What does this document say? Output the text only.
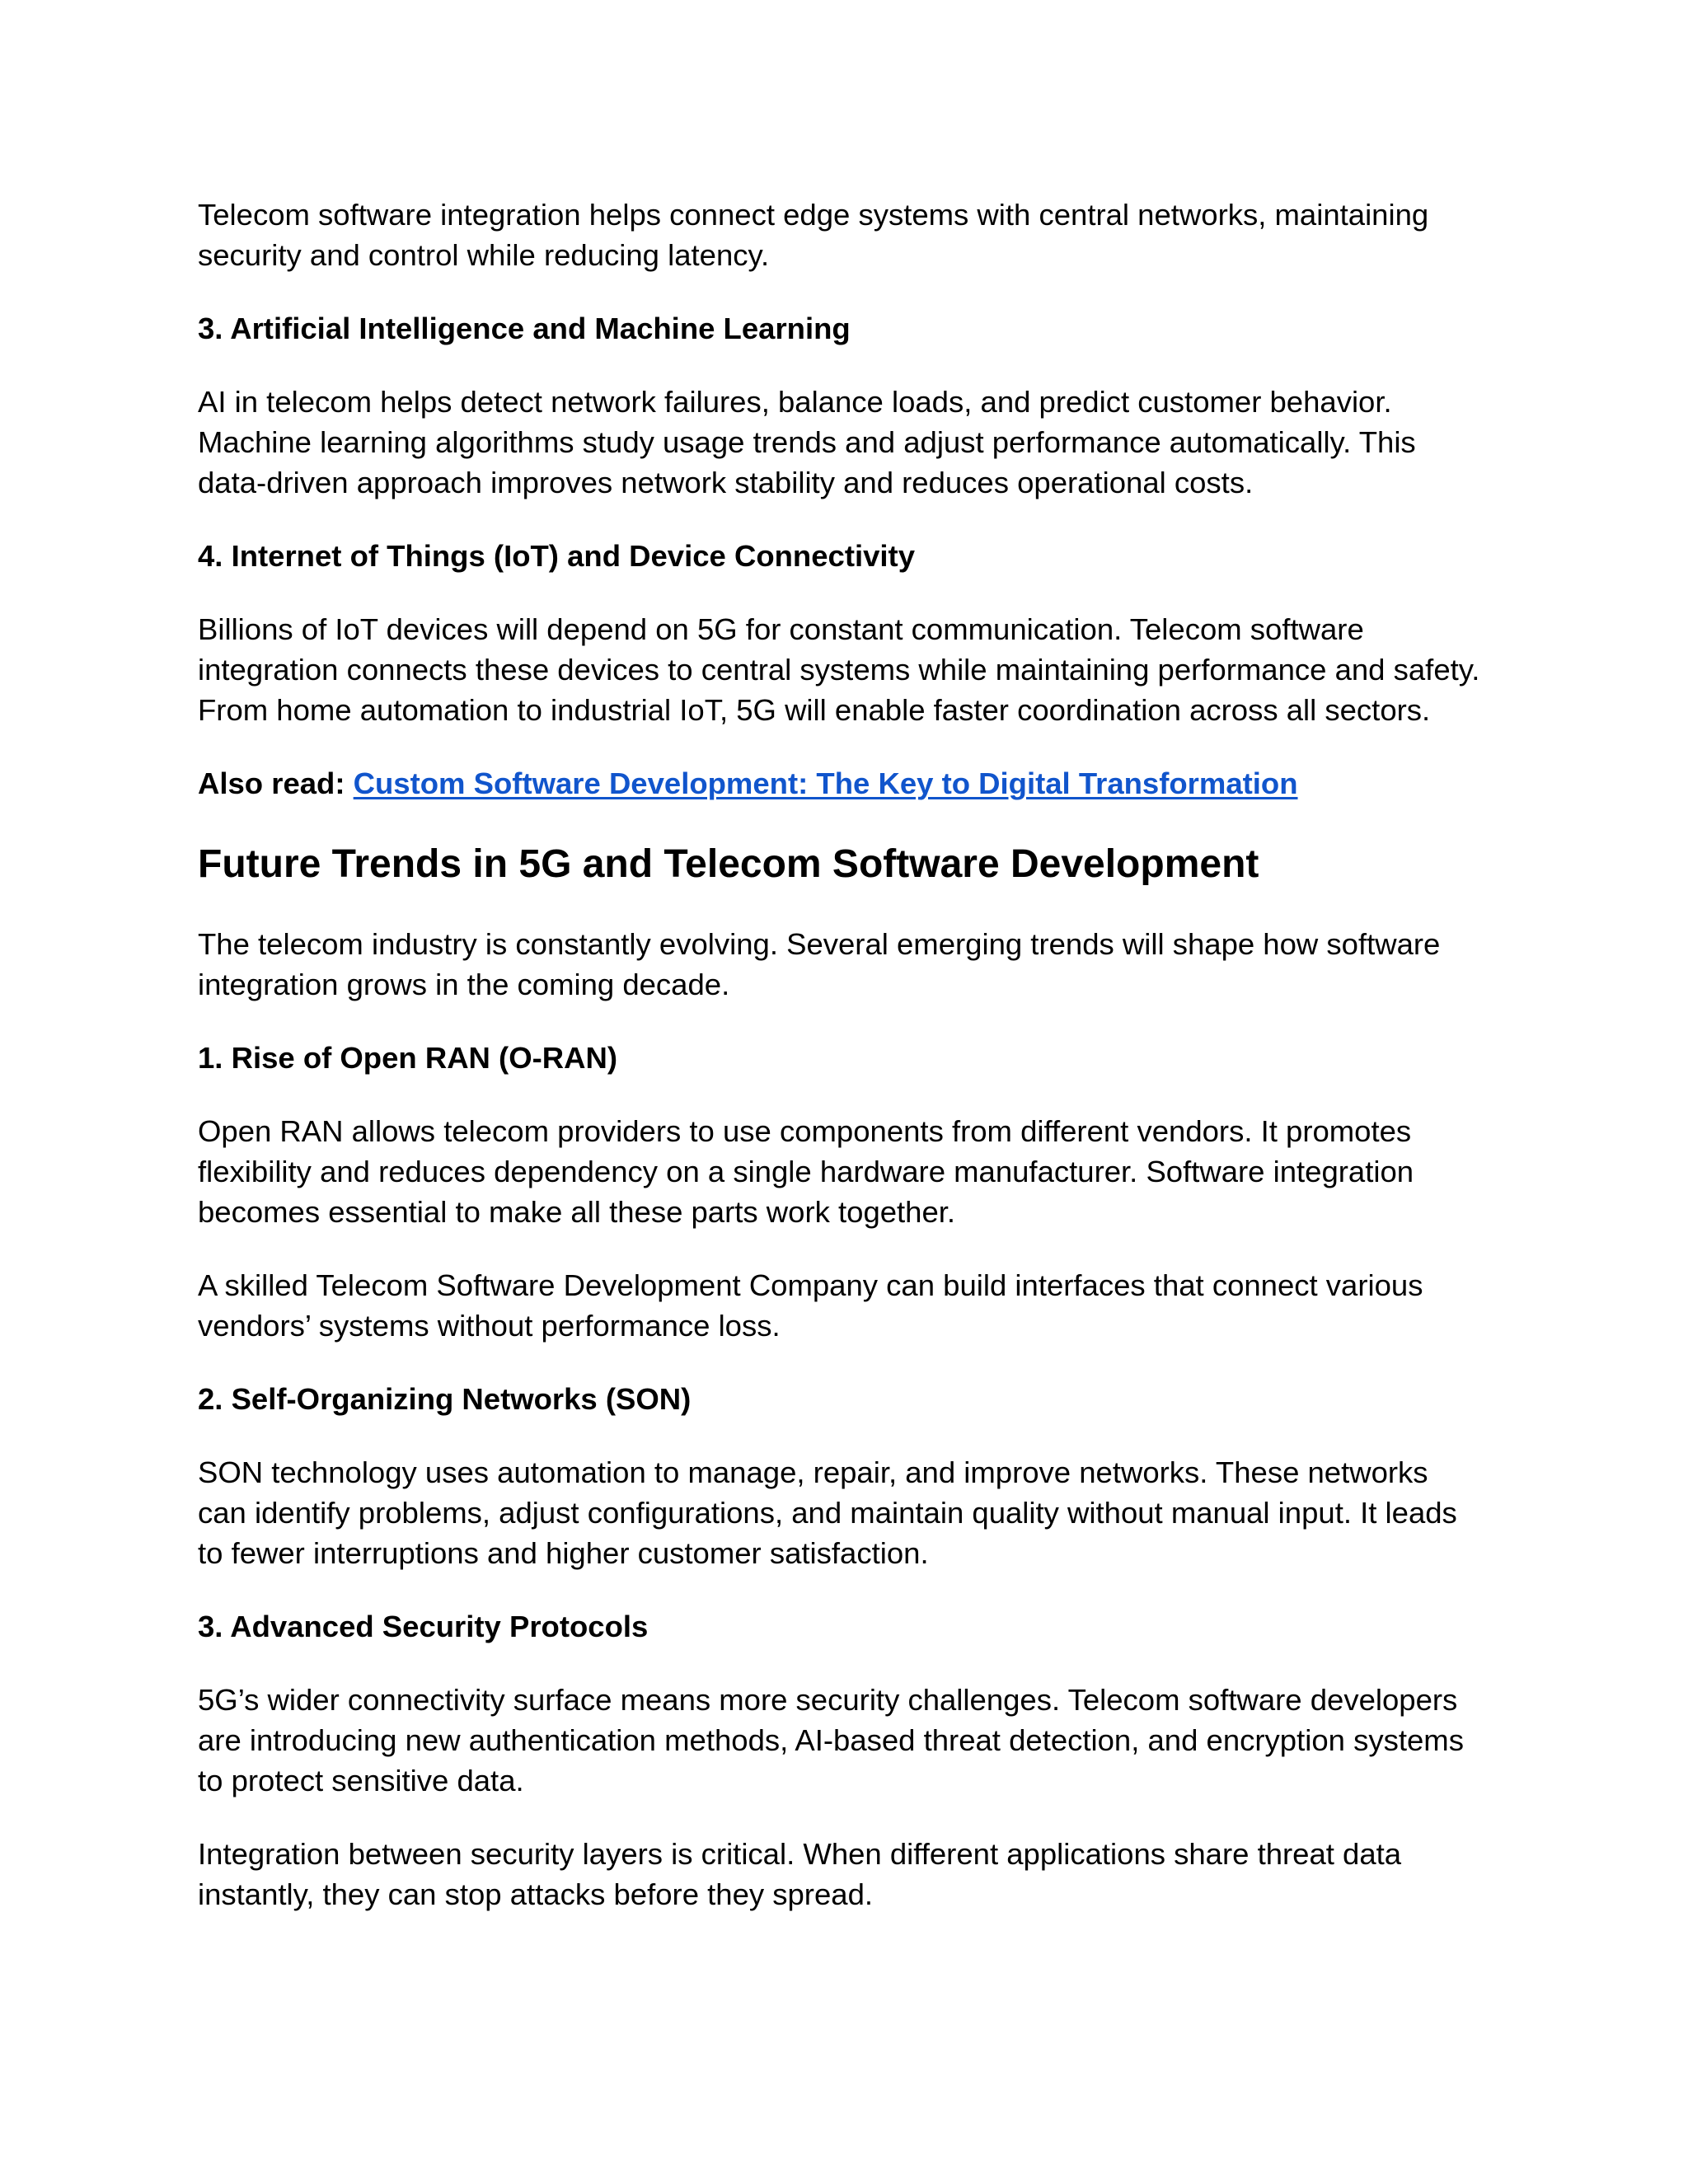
Telecom software integration helps connect edge systems with central networks, maintaining
security and control while reducing latency.

3. Artificial Intelligence and Machine Learning

AI in telecom helps detect network failures, balance loads, and predict customer behavior.
Machine learning algorithms study usage trends and adjust performance automatically. This
data-driven approach improves network stability and reduces operational costs.

4. Internet of Things (IoT) and Device Connectivity

Billions of IoT devices will depend on 5G for constant communication. Telecom software
integration connects these devices to central systems while maintaining performance and safety.
From home automation to industrial IoT, 5G will enable faster coordination across all sectors.

Also read: Custom Software Development: The Key to Digital Transformation

Future Trends in 5G and Telecom Software Development

The telecom industry is constantly evolving. Several emerging trends will shape how software
integration grows in the coming decade.

1. Rise of Open RAN (O-RAN)

Open RAN allows telecom providers to use components from different vendors. It promotes
flexibility and reduces dependency on a single hardware manufacturer. Software integration
becomes essential to make all these parts work together.

A skilled Telecom Software Development Company can build interfaces that connect various
vendors’ systems without performance loss.

2. Self-Organizing Networks (SON)

SON technology uses automation to manage, repair, and improve networks. These networks
can identify problems, adjust configurations, and maintain quality without manual input. It leads
to fewer interruptions and higher customer satisfaction.

3. Advanced Security Protocols

5G’s wider connectivity surface means more security challenges. Telecom software developers
are introducing new authentication methods, AI-based threat detection, and encryption systems
to protect sensitive data.

Integration between security layers is critical. When different applications share threat data
instantly, they can stop attacks before they spread.
